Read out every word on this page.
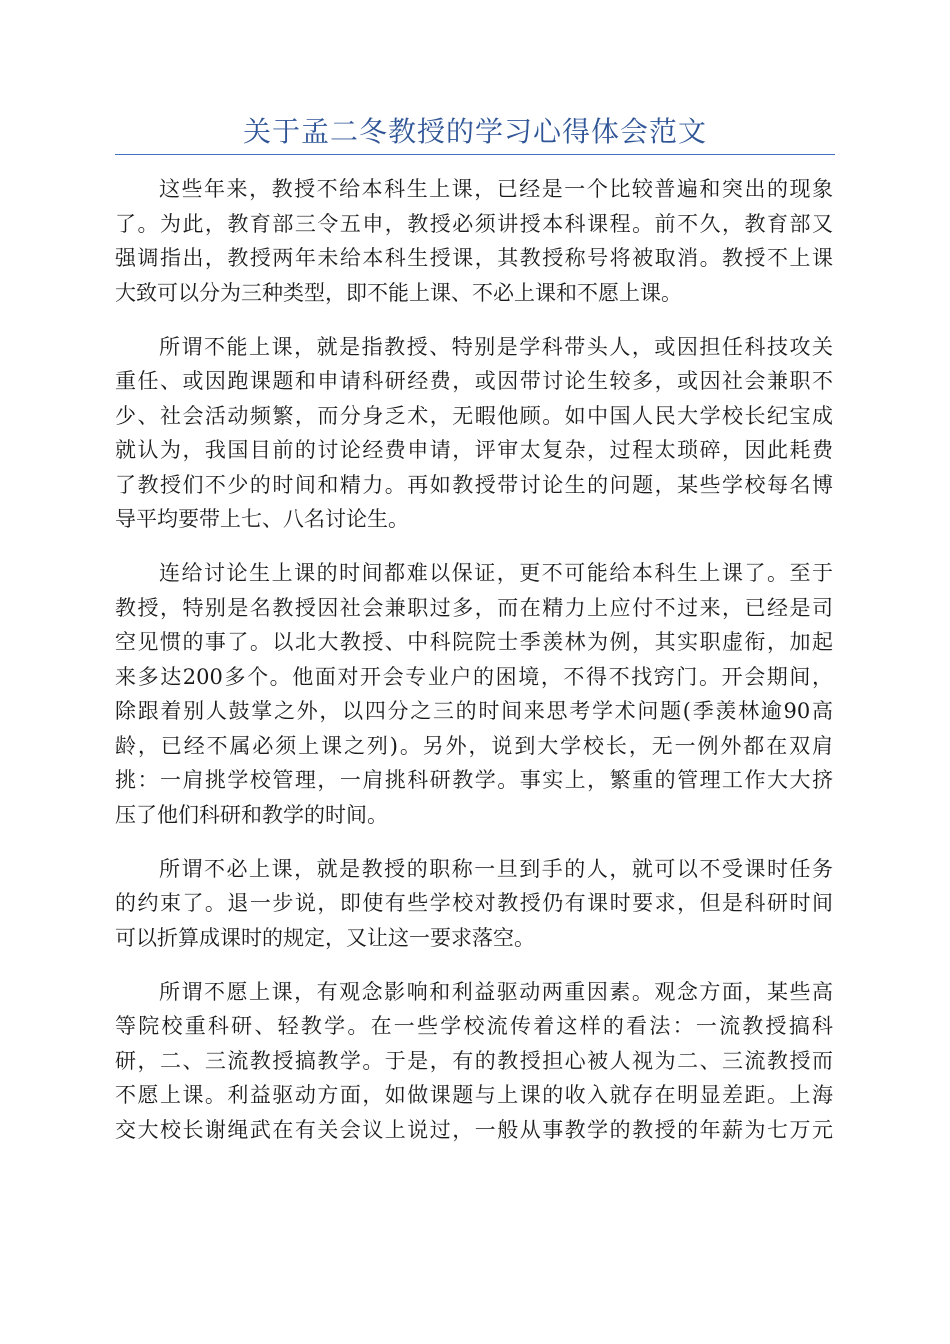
关于孟二冬教授的学习心得体会范文
这些年来，教授不给本科生上课，已经是一个比较普遍和突出的现象
了。为此，教育部三令五申，教授必须讲授本科课程。前不久，教育部又
强调指出，教授两年未给本科生授课，其教授称号将被取消。教授不上课
大致可以分为三种类型，即不能上课、不必上课和不愿上课。
所谓不能上课，就是指教授、特别是学科带头人，或因担任科技攻关
重任、或因跑课题和申请科研经费，或因带讨论生较多，或因社会兼职不
少、社会活动频繁，而分身乏术，无暇他顾。如中国人民大学校长纪宝成
就认为，我国目前的讨论经费申请，评审太复杂，过程太琐碎，因此耗费
了教授们不少的时间和精力。再如教授带讨论生的问题，某些学校每名博
导平均要带上七、八名讨论生。
连给讨论生上课的时间都难以保证，更不可能给本科生上课了。至于
教授，特别是名教授因社会兼职过多，而在精力上应付不过来，已经是司
空见惯的事了。以北大教授、中科院院士季羡林为例，其实职虚衔，加起
来多达200多个。他面对开会专业户的困境，不得不找窍门。开会期间，
除跟着别人鼓掌之外，以四分之三的时间来思考学术问题(季羡林逾90高
龄，已经不属必须上课之列)。另外，说到大学校长，无一例外都在双肩
挑：一肩挑学校管理，一肩挑科研教学。事实上，繁重的管理工作大大挤
压了他们科研和教学的时间。
所谓不必上课，就是教授的职称一旦到手的人，就可以不受课时任务
的约束了。退一步说，即使有些学校对教授仍有课时要求，但是科研时间
可以折算成课时的规定，又让这一要求落空。
所谓不愿上课，有观念影响和利益驱动两重因素。观念方面，某些高
等院校重科研、轻教学。在一些学校流传着这样的看法：一流教授搞科
研，二、三流教授搞教学。于是，有的教授担心被人视为二、三流教授而
不愿上课。利益驱动方面，如做课题与上课的收入就存在明显差距。上海
交大校长谢绳武在有关会议上说过，一般从事教学的教授的年薪为七万元
